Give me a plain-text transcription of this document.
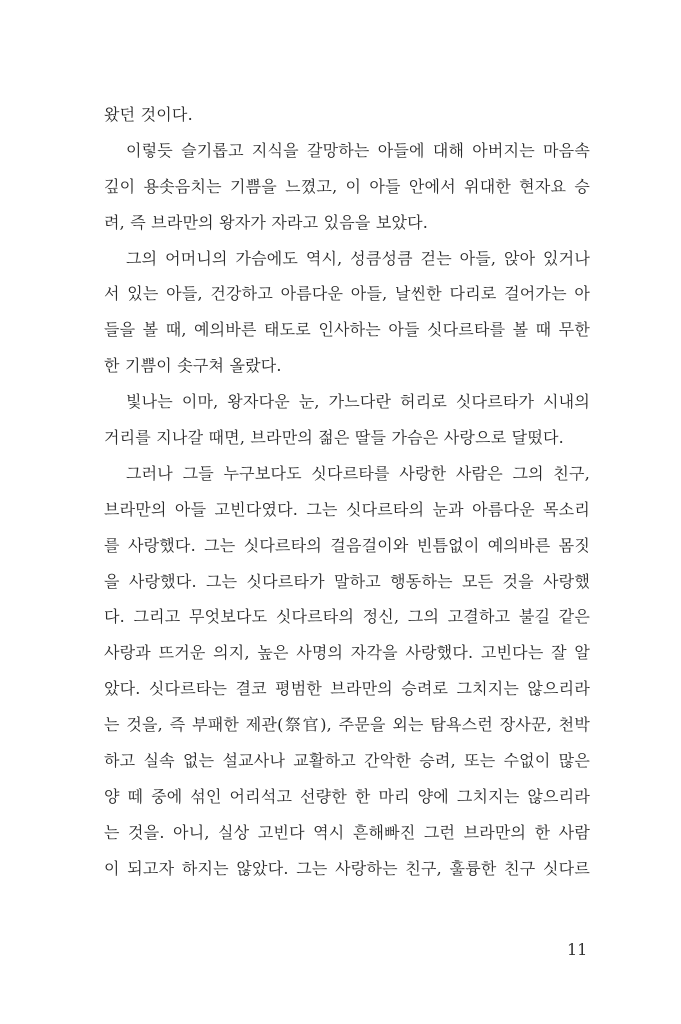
왔던 것이다.
이렇듯 슬기롭고 지식을 갈망하는 아들에 대해 아버지는 마음속
깊이 용솟음치는 기쁨을 느꼈고, 이 아들 안에서 위대한 현자요 승
려, 즉 브라만의 왕자가 자라고 있음을 보았다.
그의 어머니의 가슴에도 역시, 성큼성큼 걷는 아들, 앉아 있거나
서 있는 아들, 건강하고 아름다운 아들, 날씬한 다리로 걸어가는 아
들을 볼 때, 예의바른 태도로 인사하는 아들 싯다르타를 볼 때 무한
한 기쁨이 솟구쳐 올랐다.
빛나는 이마, 왕자다운 눈, 가느다란 허리로 싯다르타가 시내의
거리를 지나갈 때면, 브라만의 젊은 딸들 가슴은 사랑으로 달떴다.
그러나 그들 누구보다도 싯다르타를 사랑한 사람은 그의 친구,
브라만의 아들 고빈다였다. 그는 싯다르타의 눈과 아름다운 목소리
를 사랑했다. 그는 싯다르타의 걸음걸이와 빈틈없이 예의바른 몸짓
을 사랑했다. 그는 싯다르타가 말하고 행동하는 모든 것을 사랑했
다. 그리고 무엇보다도 싯다르타의 정신, 그의 고결하고 불길 같은
사랑과 뜨거운 의지, 높은 사명의 자각을 사랑했다. 고빈다는 잘 알
았다. 싯다르타는 결코 평범한 브라만의 승려로 그치지는 않으리라
는 것을, 즉 부패한 제관(祭官), 주문을 외는 탐욕스런 장사꾼, 천박
하고 실속 없는 설교사나 교활하고 간악한 승려, 또는 수없이 많은
양 떼 중에 섞인 어리석고 선량한 한 마리 양에 그치지는 않으리라
는 것을. 아니, 실상 고빈다 역시 흔해빠진 그런 브라만의 한 사람
이 되고자 하지는 않았다. 그는 사랑하는 친구, 훌륭한 친구 싯다르
11
